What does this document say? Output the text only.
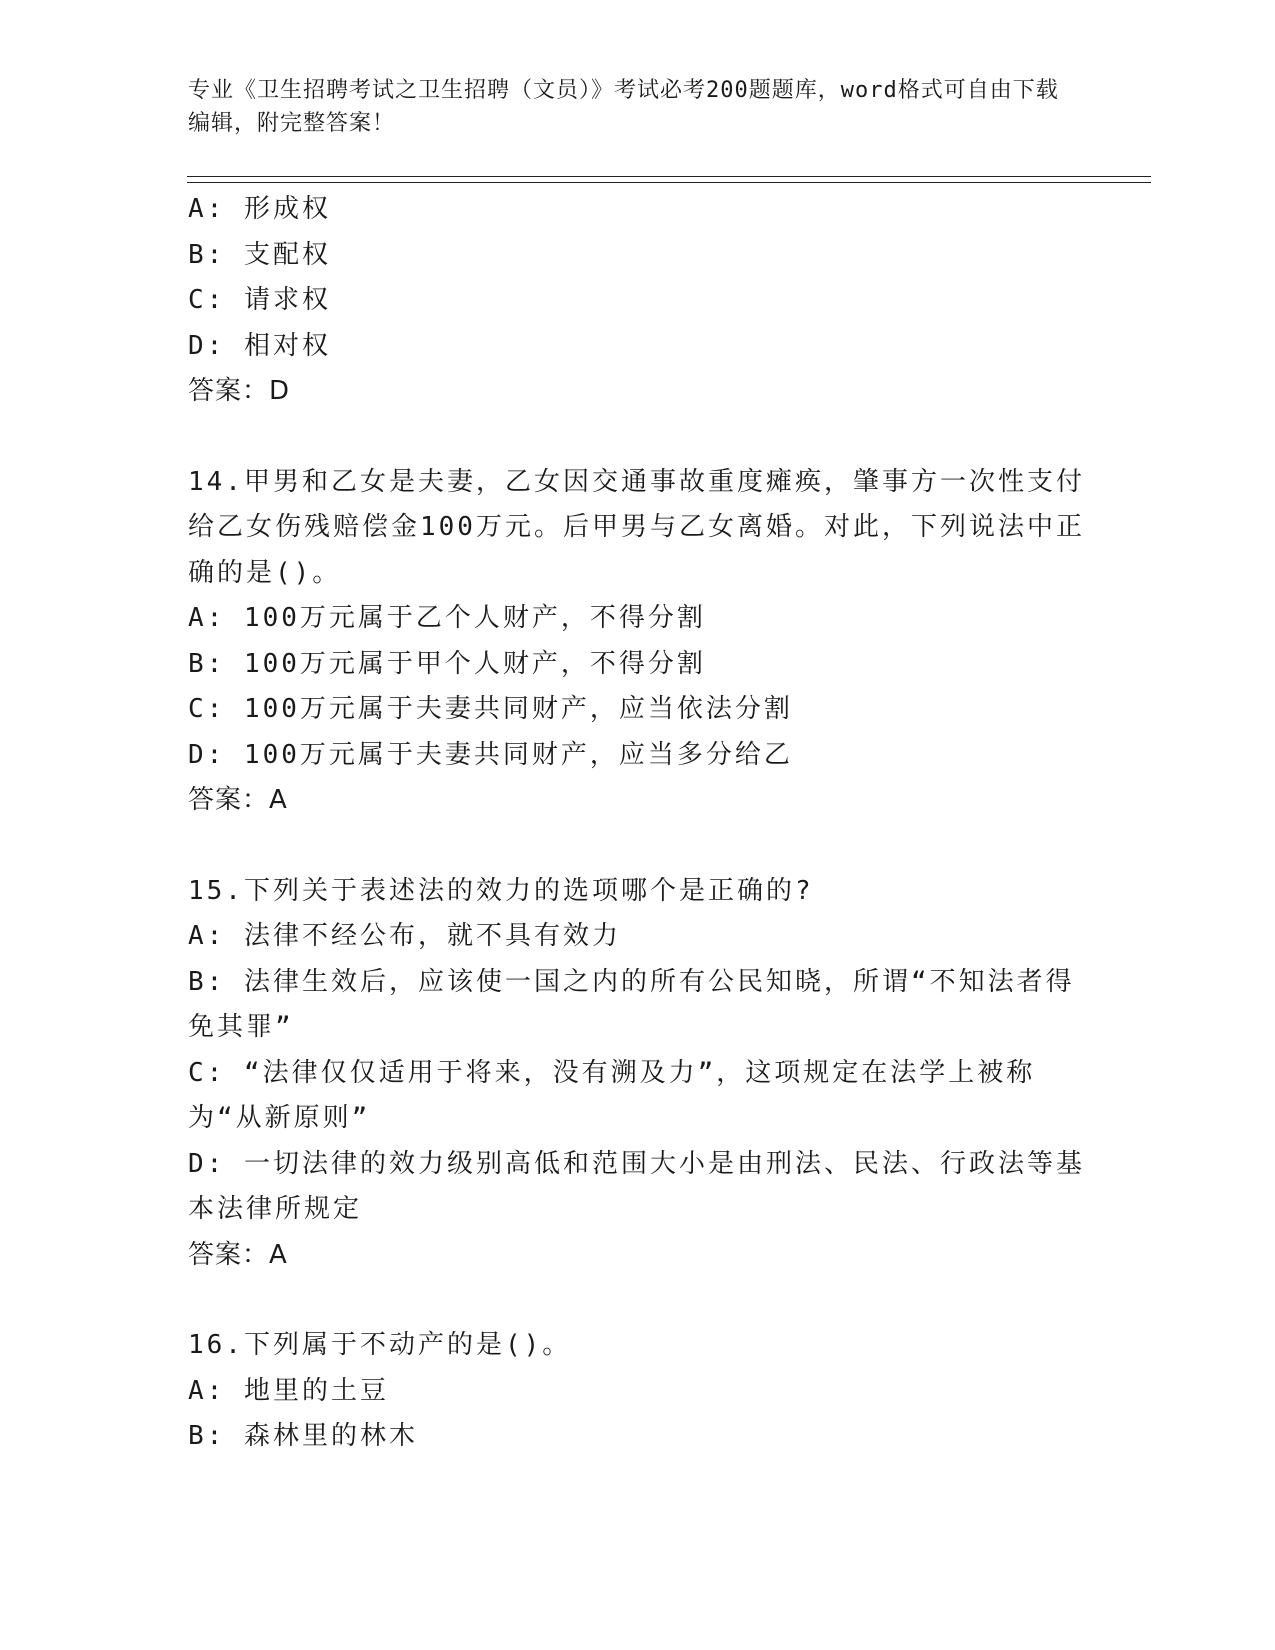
专业《卫生招聘考试之卫生招聘（文员）》考试必考200题题库，word格式可自由下载编辑，附完整答案！
A: 形成权
B: 支配权
C: 请求权
D: 相对权
答案：D
14.甲男和乙女是夫妻，乙女因交通事故重度瘫痪，肇事方一次性支付给乙女伤残赔偿金100万元。后甲男与乙女离婚。对此，下列说法中正确的是()。
A: 100万元属于乙个人财产，不得分割
B: 100万元属于甲个人财产，不得分割
C: 100万元属于夫妻共同财产，应当依法分割
D: 100万元属于夫妻共同财产，应当多分给乙
答案：A
15.下列关于表述法的效力的选项哪个是正确的?
A: 法律不经公布，就不具有效力
B: 法律生效后，应该使一国之内的所有公民知晓，所谓“不知法者得免其罪”
C: “法律仅仅适用于将来，没有溯及力”，这项规定在法学上被称为“从新原则”
D: 一切法律的效力级别高低和范围大小是由刑法、民法、行政法等基本法律所规定
答案：A
16.下列属于不动产的是()。
A: 地里的土豆
B: 森林里的林木
